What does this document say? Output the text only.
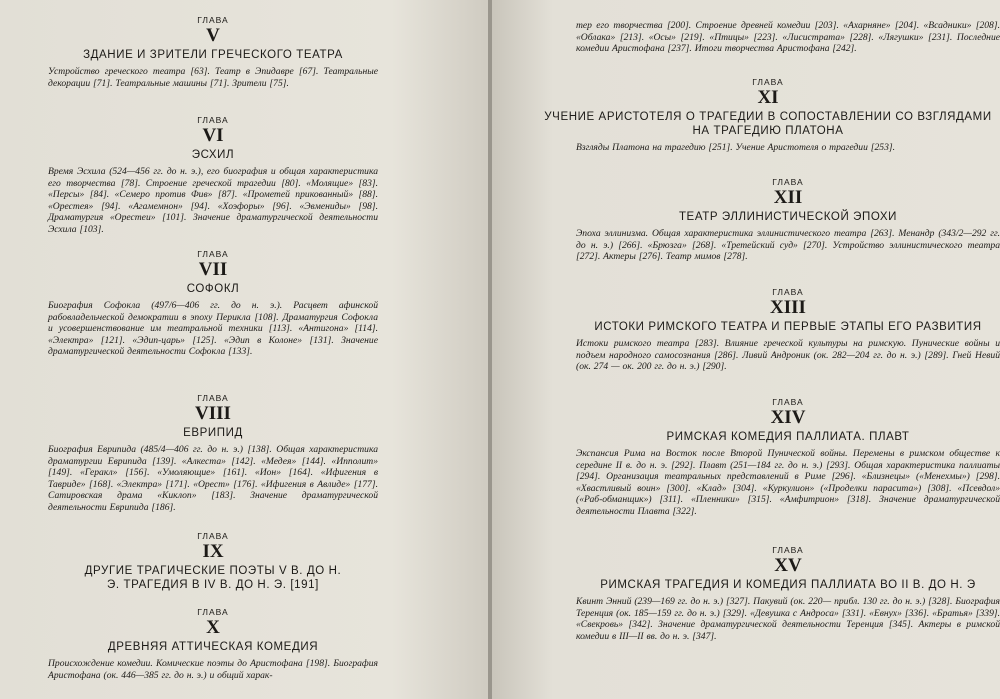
ГЛАВА

V

ЗДАНИЕ И ЗРИТЕЛИ ГРЕЧЕСКОГО ТЕАТРА

Устройство греческого театра [63]. Театр в Эпидавре [67]. Театральные декорации [71]. Театральные машины [71]. Зрители [75].

ГЛАВА

VI

ЭСХИЛ

Время Эсхила (524—456 гг. до н. э.), его биография и общая характеристика его творчества [78]. Строение греческой трагедии [80]. «Молящие» [83]. «Персы» [84]. «Семеро против Фив» [87]. «Прометей прикованный» [88]. «Орестея» [94]. «Агамемнон» [94]. «Хоэфоры» [96]. «Эвмениды» [98]. Драматургия «Орестеи» [101]. Значение драматургической деятельности Эсхила [103].

ГЛАВА

VII

СОФОКЛ

Биография Софокла (497/6—406 гг. до н. э.). Расцвет афинской рабовладельческой демократии в эпоху Перикла [108]. Драматургия Софокла и усовершенствование им театральной техники [113]. «Антигона» [114]. «Электра» [121]. «Эдип-царь» [125]. «Эдип в Колоне» [131]. Значение драматургической деятельности Софокла [133].

ГЛАВА

VIII

ЕВРИПИД

Биография Еврипида (485/4—406 гг. до н. э.) [138]. Общая характеристика драматургии Еврипида [139]. «Алкеста» [142]. «Медея» [144]. «Ипполит» [149]. «Геракл» [156]. «Умоляющие» [161]. «Ион» [164]. «Ифигения в Тавриде» [168]. «Электра» [171]. «Орест» [176]. «Ифигения в Авлиде» [177]. Сатировская драма «Киклоп» [183]. Значение драматургической деятельности Еврипида [186].

ГЛАВА

IX

ДРУГИЕ ТРАГИЧЕСКИЕ ПОЭТЫ V В. ДО Н. Э. ТРАГЕДИЯ В IV В. ДО Н. Э. [191]

ГЛАВА

X

ДРЕВНЯЯ АТТИЧЕСКАЯ КОМЕДИЯ

Происхождение комедии. Комические поэты до Аристофана [198]. Биография Аристофана (ок. 446—385 гг. до н. э.) и общий харак-

тер его творчества [200]. Строение древней комедии [203]. «Ахарняне» [204]. «Всадники» [208]. «Облака» [213]. «Осы» [219]. «Птицы» [223]. «Лисистрата» [228]. «Лягушки» [231]. Последние комедии Аристофана [237]. Итоги творчества Аристофана [242].

ГЛАВА

XI

УЧЕНИЕ АРИСТОТЕЛЯ О ТРАГЕДИИ В СОПОСТАВЛЕНИИ СО ВЗГЛЯДАМИ НА ТРАГЕДИЮ ПЛАТОНА

Взгляды Платона на трагедию [251]. Учение Аристотеля о трагедии [253].

ГЛАВА

XII

ТЕАТР ЭЛЛИНИСТИЧЕСКОЙ ЭПОХИ

Эпоха эллинизма. Общая характеристика эллинистического театра [263]. Менандр (343/2—292 гг. до н. э.) [266]. «Брюзга» [268]. «Третейский суд» [270]. Устройство эллинистического театра [272]. Актеры [276]. Театр мимов [278].

ГЛАВА

XIII

ИСТОКИ РИМСКОГО ТЕАТРА И ПЕРВЫЕ ЭТАПЫ ЕГО РАЗВИТИЯ

Истоки римского театра [283]. Влияние греческой культуры на римскую. Пунические войны и подъем народного самосознания [286]. Ливий Андроник (ок. 282—204 гг. до н. э.) [289]. Гней Невий (ок. 274 — ок. 200 гг. до н. э.) [290].

ГЛАВА

XIV

РИМСКАЯ КОМЕДИЯ ПАЛЛИАТА. ПЛАВТ

Экспансия Рима на Восток после Второй Пунической войны. Перемены в римском обществе к середине II в. до н. э. [292]. Плавт (251—184 гг. до н. э.) [293]. Общая характеристика паллиаты [294]. Организация театральных представлений в Риме [296]. «Близнецы» («Менехмы») [298]. «Хвастливый воин» [300]. «Клад» [304]. «Куркулион» («Проделки парасита») [308]. «Псевдол» («Раб-обманщик») [311]. «Пленники» [315]. «Амфитрион» [318]. Значение драматургической деятельности Плавта [322].

ГЛАВА

XV

РИМСКАЯ ТРАГЕДИЯ И КОМЕДИЯ ПАЛЛИАТА ВО II В. ДО Н. Э

Квинт Энний (239—169 гг. до н. э.) [327]. Пакувий (ок. 220— прибл. 130 гг. до н. э.) [328]. Биография Теренция (ок. 185—159 гг. до н. э.) [329]. «Девушка с Андроса» [331]. «Евнух» [336]. «Братья» [339]. «Свекровь» [342]. Значение драматургической деятельности Теренция [345]. Актеры в римской комедии в III—II вв. до н. э. [347].
